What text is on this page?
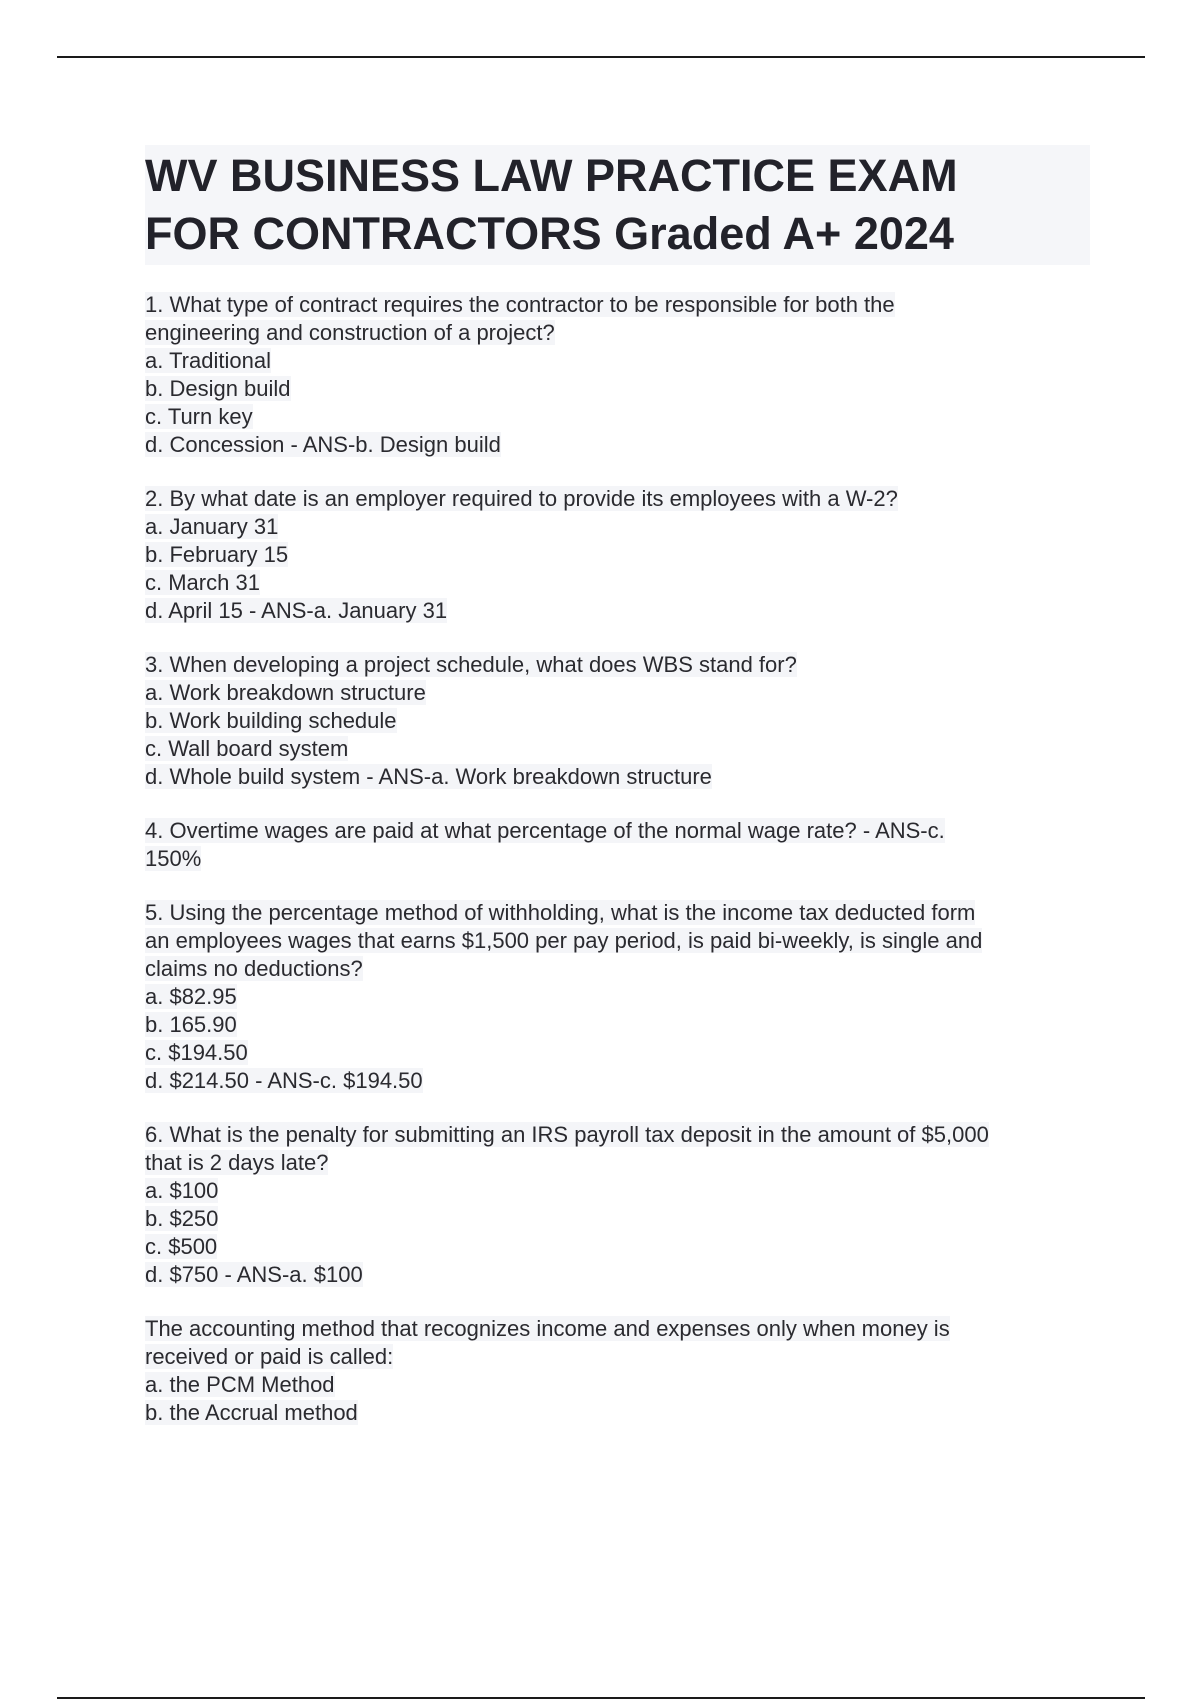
WV BUSINESS LAW PRACTICE EXAM
FOR CONTRACTORS Graded A+ 2024
1. What type of contract requires the contractor to be responsible for both the
engineering and construction of a project?
a. Traditional
b. Design build
c. Turn key
d. Concession - ANS-b. Design build
2. By what date is an employer required to provide its employees with a W-2?
a. January 31
b. February 15
c. March 31
d. April 15 - ANS-a. January 31
3. When developing a project schedule, what does WBS stand for?
a. Work breakdown structure
b. Work building schedule
c. Wall board system
d. Whole build system - ANS-a. Work breakdown structure
4. Overtime wages are paid at what percentage of the normal wage rate? - ANS-c.
150%
5. Using the percentage method of withholding, what is the income tax deducted form
an employees wages that earns $1,500 per pay period, is paid bi-weekly, is single and
claims no deductions?
a. $82.95
b. 165.90
c. $194.50
d. $214.50 - ANS-c. $194.50
6. What is the penalty for submitting an IRS payroll tax deposit in the amount of $5,000
that is 2 days late?
a. $100
b. $250
c. $500
d. $750 - ANS-a. $100
The accounting method that recognizes income and expenses only when money is
received or paid is called:
a. the PCM Method
b. the Accrual method
